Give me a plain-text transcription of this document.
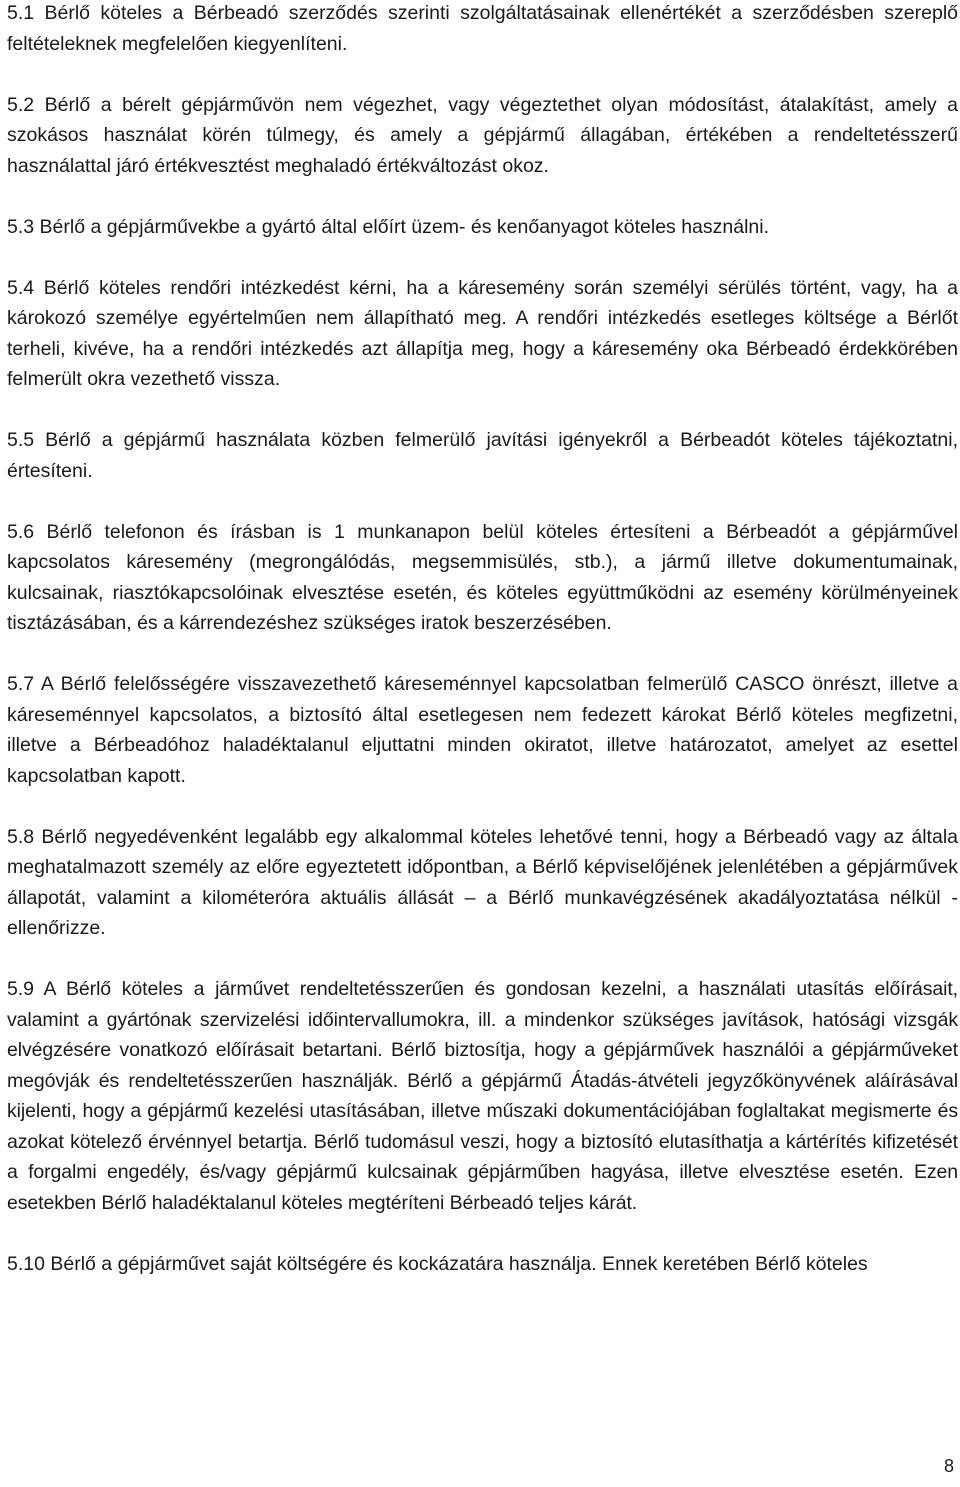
5.1 Bérlő köteles a Bérbeadó szerződés szerinti szolgáltatásainak ellenértékét a szerződésben szereplő feltételeknek megfelelően kiegyenlíteni.

5.2 Bérlő a bérelt gépjárművön nem végezhet, vagy végeztethet olyan módosítást, átalakítást, amely a szokásos használat körén túlmegy, és amely a gépjármű állagában, értékében a rendeltetésszerű használattal járó értékvesztést meghaladó értékváltozást okoz.

5.3 Bérlő a gépjárművekbe a gyártó által előírt üzem- és kenőanyagot köteles használni.

5.4 Bérlő köteles rendőri intézkedést kérni, ha a káresemény során személyi sérülés történt, vagy, ha a károkozó személye egyértelműen nem állapítható meg. A rendőri intézkedés esetleges költsége a Bérlőt terheli, kivéve, ha a rendőri intézkedés azt állapítja meg, hogy a káresemény oka Bérbeadó érdekkörében felmerült okra vezethető vissza.

5.5 Bérlő a gépjármű használata közben felmerülő javítási igényekről a Bérbeadót köteles tájékoztatni, értesíteni.

5.6 Bérlő telefonon és írásban is 1 munkanapon belül köteles értesíteni a Bérbeadót a gépjárművel kapcsolatos káresemény (megrongálódás, megsemmisülés, stb.), a jármű illetve dokumentumainak, kulcsainak, riasztókapcsolóinak elvesztése esetén, és köteles együttműködni az esemény körülményeinek tisztázásában, és a kárrendezéshez szükséges iratok beszerzésében.

5.7 A Bérlő felelősségére visszavezethető káreseménnyel kapcsolatban felmerülő CASCO önrészt, illetve a káreseménnyel kapcsolatos, a biztosító által esetlegesen nem fedezett károkat Bérlő köteles megfizetni, illetve a Bérbeadóhoz haladéktalanul eljuttatni minden okiratot, illetve határozatot, amelyet az esettel kapcsolatban kapott.

5.8 Bérlő negyedévenként legalább egy alkalommal köteles lehetővé tenni, hogy a Bérbeadó vagy az általa meghatalmazott személy az előre egyeztetett időpontban, a Bérlő képviselőjének jelenlétében a gépjárművek állapotát, valamint a kilométeróra aktuális állását – a Bérlő munkavégzésének akadályoztatása nélkül - ellenőrizze.

5.9 A Bérlő köteles a járművet rendeltetésszerűen és gondosan kezelni, a használati utasítás előírásait, valamint a gyártónak szervizelési időintervallumokra, ill. a mindenkor szükséges javítások, hatósági vizsgák elvégzésére vonatkozó előírásait betartani. Bérlő biztosítja, hogy a gépjárművek használói a gépjárműveket megóvják és rendeltetésszerűen használják. Bérlő a gépjármű Átadás-átvételi jegyzőkönyvének aláírásával kijelenti, hogy a gépjármű kezelési utasításában, illetve műszaki dokumentációjában foglaltakat megismerte és azokat kötelező érvénnyel betartja. Bérlő tudomásul veszi, hogy a biztosító elutasíthatja a kártérítés kifizetését a forgalmi engedély, és/vagy gépjármű kulcsainak gépjárműben hagyása, illetve elvesztése esetén. Ezen esetekben Bérlő haladéktalanul köteles megtéríteni Bérbeadó teljes kárát.

5.10 Bérlő a gépjárművet saját költségére és kockázatára használja. Ennek keretében Bérlő köteles

8
